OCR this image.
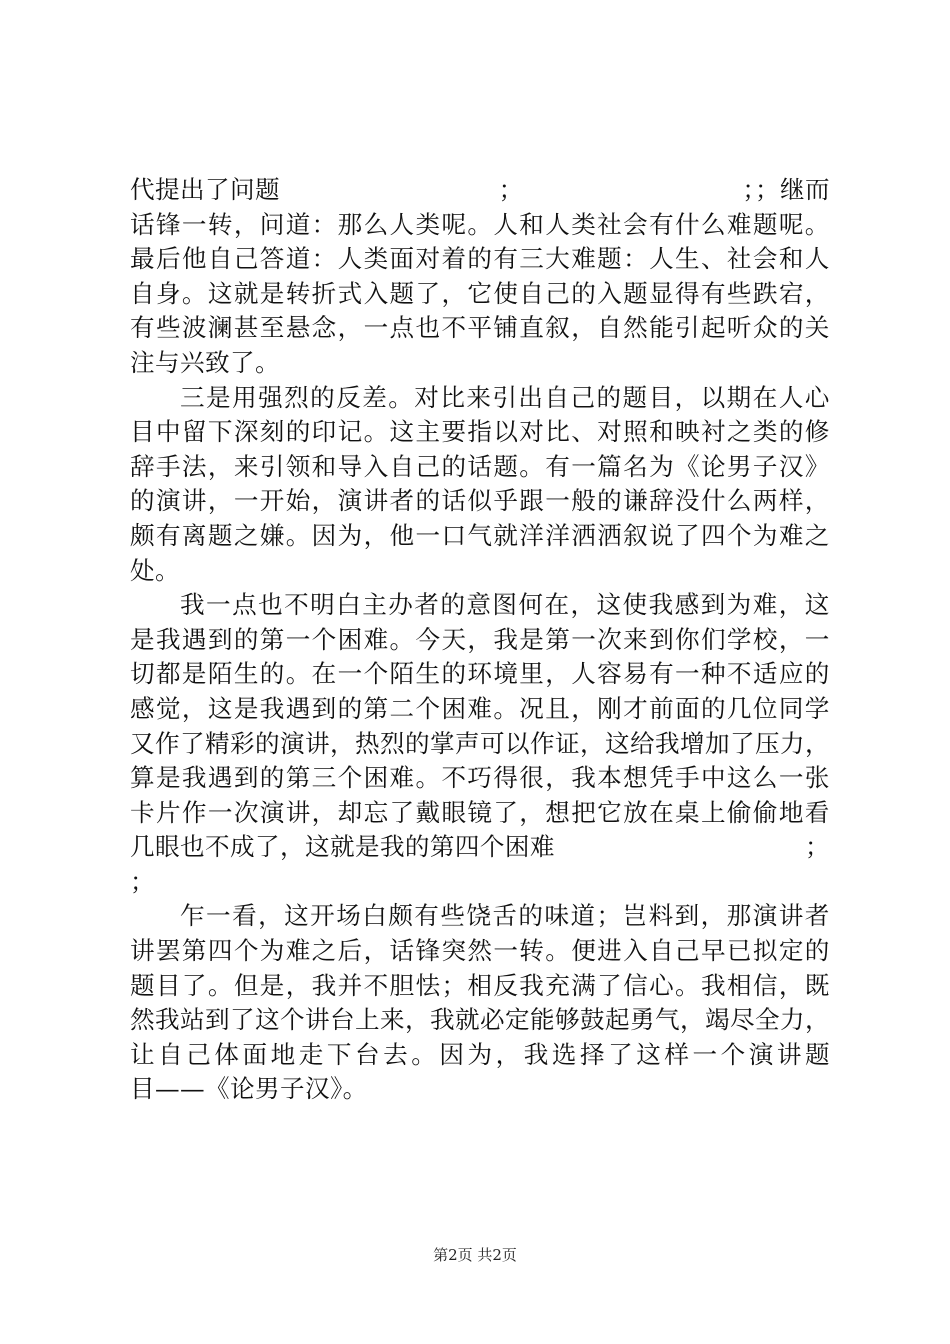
代提出了问题	；	；；继而
话 锋 一 转 ， 问 道 ： 那 么 人 类 呢 。 人 和 人 类 社 会 有 什 么 难 题 呢 。
最 后 他 自 己 答 道 ： 人 类 面 对 着 的 有 三 大 难 题 ： 人 生 、 社 会 和 人
自 身 。 这 就 是 转 折 式 入 题 了 ， 它 使 自 己 的 入 题 显 得 有 些 跌 宕 ，
有 些 波 澜 甚 至 悬 念 ， 一 点 也 不 平 铺 直 叙 ， 自 然 能 引 起 听 众 的 关
注与兴致了。
三 是 用 强 烈 的 反 差 。 对 比 来 引 出 自 己 的 题 目 ， 以 期 在 人 心
目 中 留 下 深 刻 的 印 记 。 这 主 要 指 以 对 比 、 对 照 和 映 衬 之 类 的 修
辞 手 法 ， 来 引 领 和 导 入 自 己 的 话 题 。 有 一 篇 名 为 《 论 男 子 汉 》
的 演 讲 ， 一 开 始 ， 演 讲 者 的 话 似 乎 跟 一 般 的 谦 辞 没 什 么 两 样 ，
颇 有 离 题 之 嫌 。 因 为 ， 他 一 口 气 就 洋 洋 洒 洒 叙 说 了 四 个 为 难 之
处。
我 一 点 也 不 明 白 主 办 者 的 意 图 何 在 ， 这 使 我 感 到 为 难 ， 这
是 我 遇 到 的 第 一 个 困 难 。 今 天 ， 我 是 第 一 次 来 到 你 们 学 校 ， 一
切 都 是 陌 生 的 。 在 一 个 陌 生 的 环 境 里 ， 人 容 易 有 一 种 不 适 应 的
感 觉 ， 这 是 我 遇 到 的 第 二 个 困 难 。 况 且 ， 刚 才 前 面 的 几 位 同 学
又 作 了 精 彩 的 演 讲 ， 热 烈 的 掌 声 可 以 作 证 ， 这 给 我 增 加 了 压 力 ，
算 是 我 遇 到 的 第 三 个 困 难 。 不 巧 得 很 ， 我 本 想 凭 手 中 这 么 一 张
卡 片 作 一 次 演 讲 ， 却 忘 了 戴 眼 镜 了 ， 想 把 它 放 在 桌 上 偷 偷 地 看
几眼也不成了，这就是我的第四个困难	；
；
乍 一 看 ， 这 开 场 白 颇 有 些 饶 舌 的 味 道 ； 岂 料 到 ， 那 演 讲 者
讲 罢 第 四 个 为 难 之 后 ， 话 锋 突 然 一 转 。 便 进 入 自 己 早 已 拟 定 的
题 目 了 。 但 是 ， 我 并 不 胆 怯 ； 相 反 我 充 满 了 信 心 。 我 相 信 ， 既
然 我 站 到 了 这 个 讲 台 上 来 ， 我 就 必 定 能 够 鼓 起 勇 气 ， 竭 尽 全 力 ，
让 自 己 体 面 地 走 下 台 去 。 因 为 ， 我 选 择 了 这 样 一 个 演 讲 题
目——《论男子汉》。
第2页 共2页
